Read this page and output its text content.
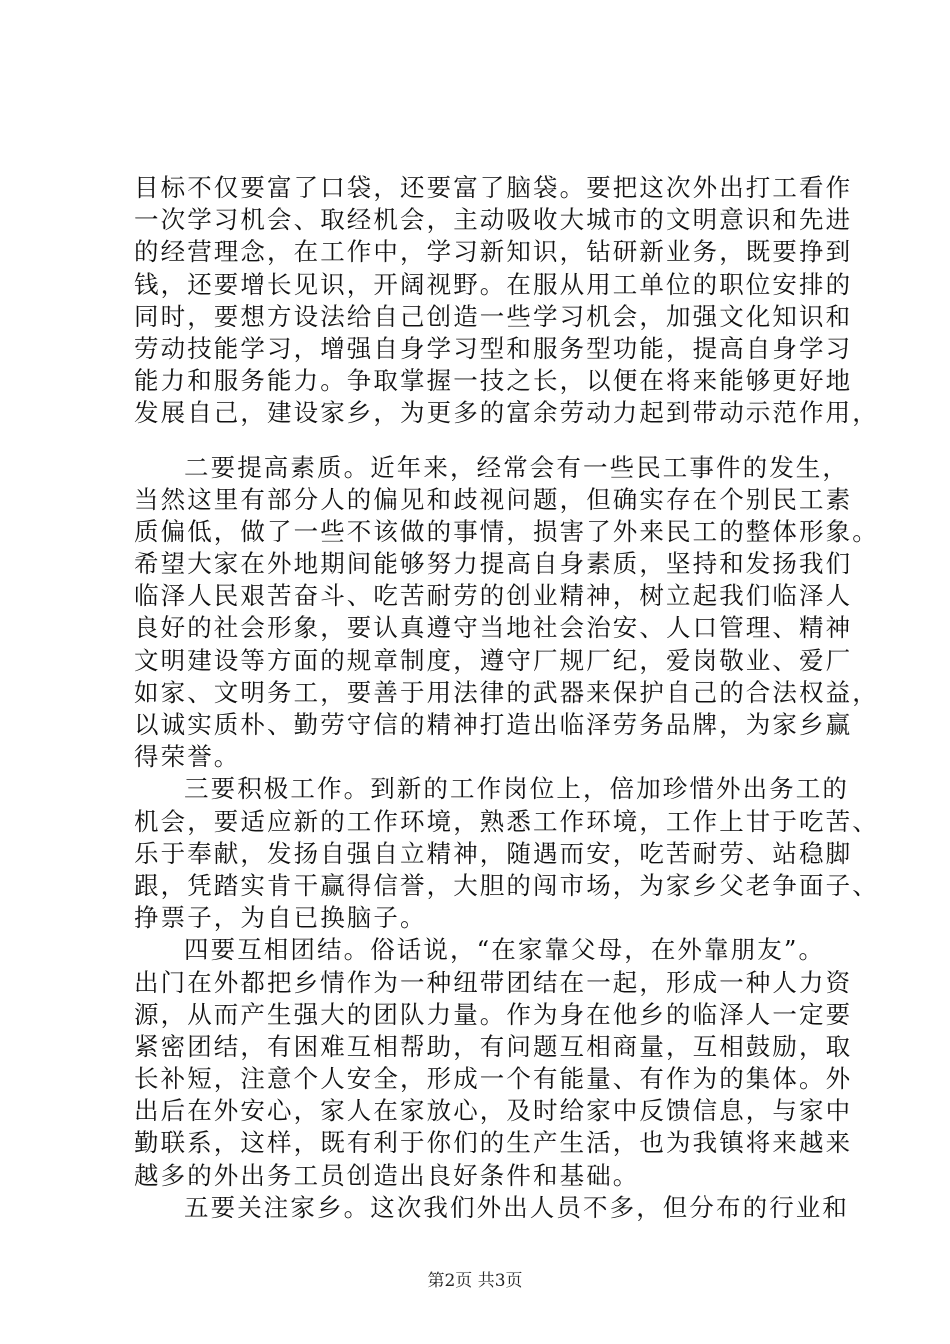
目标不仅要富了口袋，还要富了脑袋。要把这次外出打工看作
一次学习机会、取经机会，主动吸收大城市的文明意识和先进
的经营理念，在工作中，学习新知识，钻研新业务，既要挣到
钱，还要增长见识，开阔视野。在服从用工单位的职位安排的
同时，要想方设法给自己创造一些学习机会，加强文化知识和
劳动技能学习，增强自身学习型和服务型功能，提高自身学习
能力和服务能力。争取掌握一技之长，以便在将来能够更好地
发展自己，建设家乡，为更多的富余劳动力起到带动示范作用，
二要提高素质。近年来，经常会有一些民工事件的发生，
当然这里有部分人的偏见和歧视问题，但确实存在个别民工素
质偏低，做了一些不该做的事情，损害了外来民工的整体形象。
希望大家在外地期间能够努力提高自身素质，坚持和发扬我们
临泽人民艰苦奋斗、吃苦耐劳的创业精神，树立起我们临泽人
良好的社会形象，要认真遵守当地社会治安、人口管理、精神
文明建设等方面的规章制度，遵守厂规厂纪，爱岗敬业、爱厂
如家、文明务工，要善于用法律的武器来保护自己的合法权益，
以诚实质朴、勤劳守信的精神打造出临泽劳务品牌，为家乡赢
得荣誉。
三要积极工作。到新的工作岗位上，倍加珍惜外出务工的
机会，要适应新的工作环境，熟悉工作环境，工作上甘于吃苦、
乐于奉献，发扬自强自立精神，随遇而安，吃苦耐劳、站稳脚
跟，凭踏实肯干赢得信誉，大胆的闯市场，为家乡父老争面子、
挣票子，为自已换脑子。
四要互相团结。俗话说，“在家靠父母，在外靠朋友”。
出门在外都把乡情作为一种纽带团结在一起，形成一种人力资
源，从而产生强大的团队力量。作为身在他乡的临泽人一定要
紧密团结，有困难互相帮助，有问题互相商量，互相鼓励，取
长补短，注意个人安全，形成一个有能量、有作为的集体。外
出后在外安心，家人在家放心，及时给家中反馈信息，与家中
勤联系，这样，既有利于你们的生产生活，也为我镇将来越来
越多的外出务工员创造出良好条件和基础。
五要关注家乡。这次我们外出人员不多，但分布的行业和
第2页 共3页
